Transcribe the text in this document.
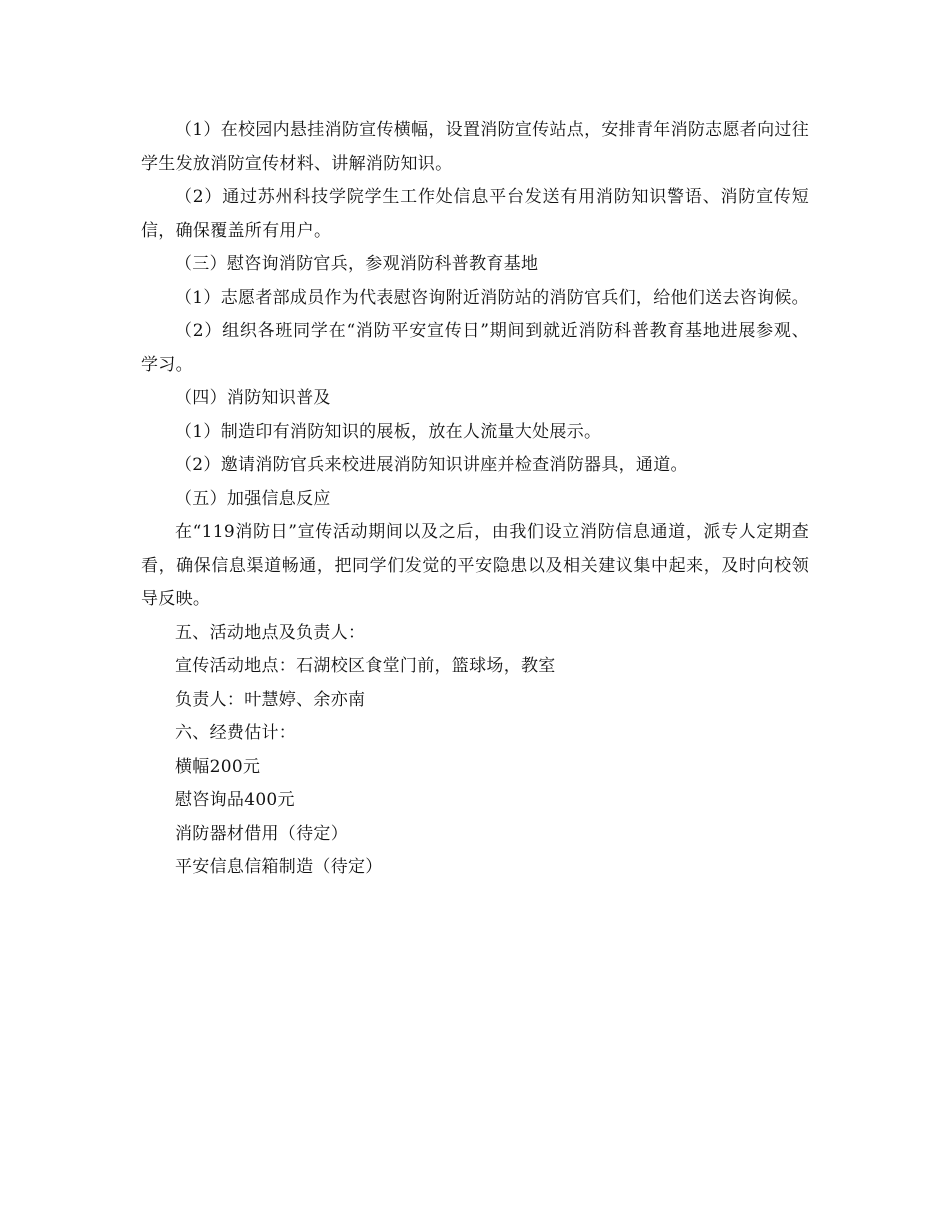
（1）在校园内悬挂消防宣传横幅，设置消防宣传站点，安排青年消防志愿者向过往学生发放消防宣传材料、讲解消防知识。

（2）通过苏州科技学院学生工作处信息平台发送有用消防知识警语、消防宣传短信，确保覆盖所有用户。

（三）慰咨询消防官兵，参观消防科普教育基地

（1）志愿者部成员作为代表慰咨询附近消防站的消防官兵们，给他们送去咨询候。

（2）组织各班同学在“消防平安宣传日”期间到就近消防科普教育基地进展参观、学习。

（四）消防知识普及

（1）制造印有消防知识的展板，放在人流量大处展示。

（2）邀请消防官兵来校进展消防知识讲座并检查消防器具，通道。

（五）加强信息反应

在“119消防日”宣传活动期间以及之后，由我们设立消防信息通道，派专人定期查看，确保信息渠道畅通，把同学们发觉的平安隐患以及相关建议集中起来，及时向校领导反映。

五、活动地点及负责人：

宣传活动地点：石湖校区食堂门前，篮球场，教室

负责人：叶慧婷、余亦南

六、经费估计：

横幅200元

慰咨询品400元

消防器材借用（待定）

平安信息信箱制造（待定）
